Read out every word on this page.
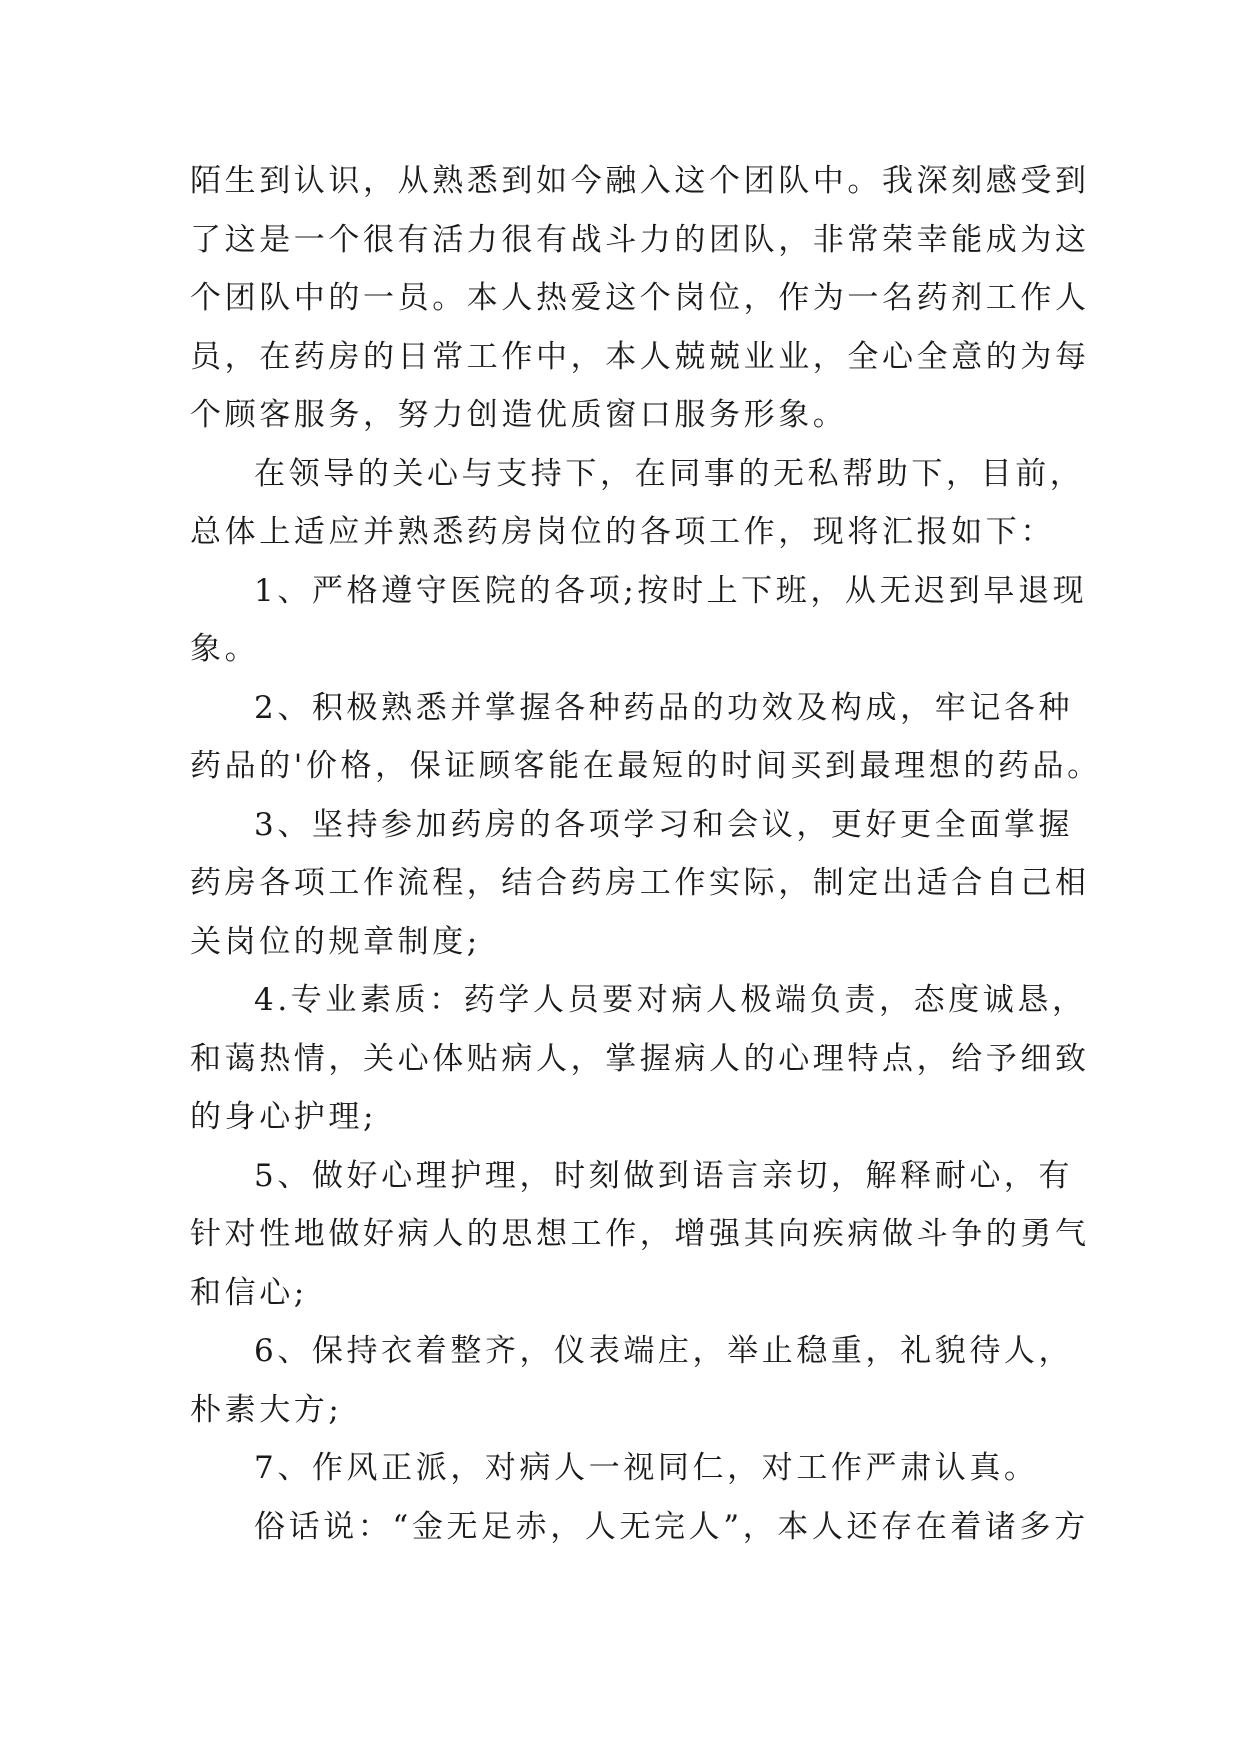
陌生到认识，从熟悉到如今融入这个团队中。我深刻感受到
了这是一个很有活力很有战斗力的团队，非常荣幸能成为这
个团队中的一员。本人热爱这个岗位，作为一名药剂工作人
员，在药房的日常工作中，本人兢兢业业，全心全意的为每
个顾客服务，努力创造优质窗口服务形象。
在领导的关心与支持下，在同事的无私帮助下，目前，
总体上适应并熟悉药房岗位的各项工作，现将汇报如下：
1、严格遵守医院的各项;按时上下班，从无迟到早退现
象。
2、积极熟悉并掌握各种药品的功效及构成，牢记各种
药品的'价格，保证顾客能在最短的时间买到最理想的药品。
3、坚持参加药房的各项学习和会议，更好更全面掌握
药房各项工作流程，结合药房工作实际，制定出适合自己相
关岗位的规章制度;
4.专业素质：药学人员要对病人极端负责，态度诚恳，
和蔼热情，关心体贴病人，掌握病人的心理特点，给予细致
的身心护理;
5、做好心理护理，时刻做到语言亲切，解释耐心，有
针对性地做好病人的思想工作，增强其向疾病做斗争的勇气
和信心;
6、保持衣着整齐，仪表端庄，举止稳重，礼貌待人，
朴素大方;
7、作风正派，对病人一视同仁，对工作严肃认真。
俗话说：“金无足赤，人无完人”，本人还存在着诸多方
